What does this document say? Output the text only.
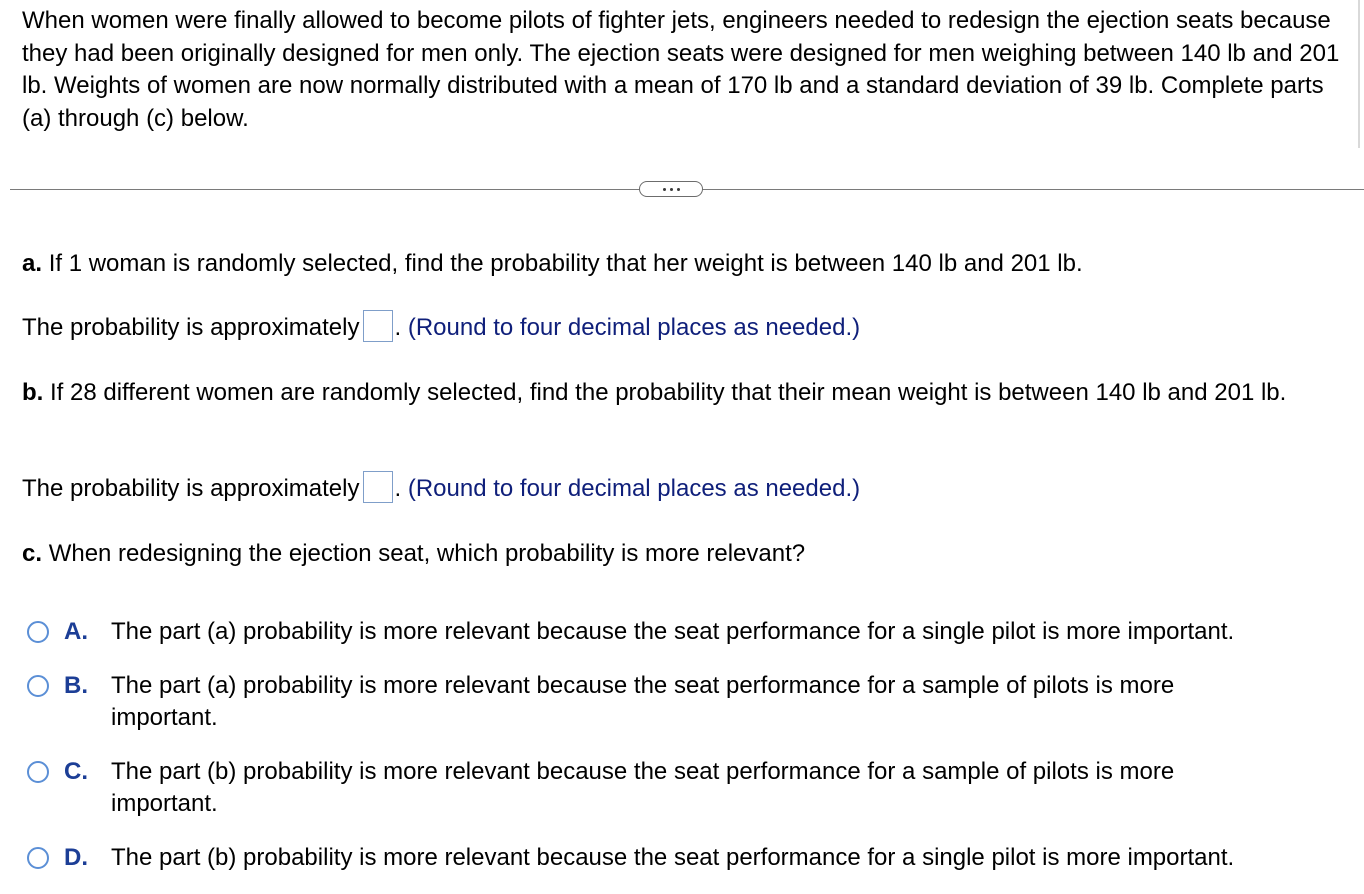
When women were finally allowed to become pilots of fighter jets, engineers needed to redesign the ejection seats because they had been originally designed for men only. The ejection seats were designed for men weighing between 140 lb and 201 lb. Weights of women are now normally distributed with a mean of 170 lb and a standard deviation of 39 lb. Complete parts (a) through (c) below.
a. If 1 woman is randomly selected, find the probability that her weight is between 140 lb and 201 lb.
The probability is approximately . (Round to four decimal places as needed.)
b. If 28 different women are randomly selected, find the probability that their mean weight is between 140 lb and 201 lb.
The probability is approximately . (Round to four decimal places as needed.)
c. When redesigning the ejection seat, which probability is more relevant?
A. The part (a) probability is more relevant because the seat performance for a single pilot is more important.
B. The part (a) probability is more relevant because the seat performance for a sample of pilots is more important.
C. The part (b) probability is more relevant because the seat performance for a sample of pilots is more important.
D. The part (b) probability is more relevant because the seat performance for a single pilot is more important.
